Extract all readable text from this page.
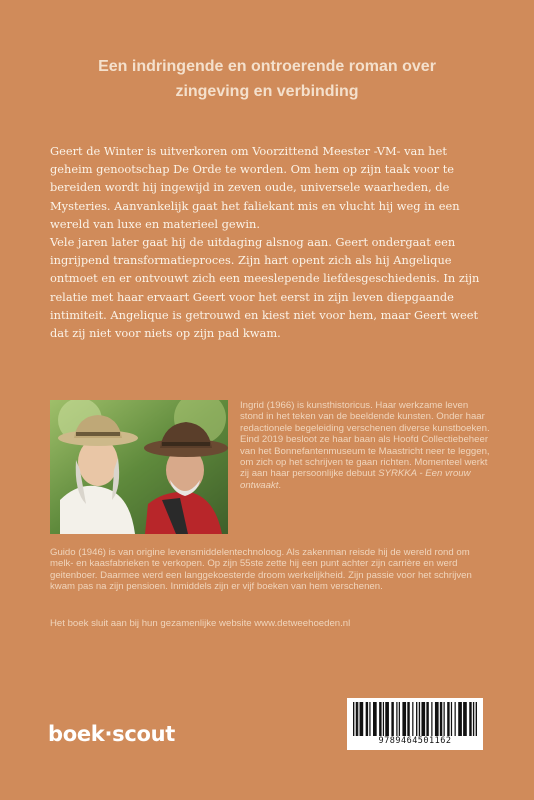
Een indringende en ontroerende roman over
zingeving en verbinding

Geert de Winter is uitverkoren om Voorzittend Meester -VM- van het geheim genootschap De Orde te worden. Om hem op zijn taak voor te bereiden wordt hij ingewijd in zeven oude, universele waarheden, de Mysteries. Aanvankelijk gaat het faliekant mis en vlucht hij weg in een wereld van luxe en materieel gewin.

Vele jaren later gaat hij de uitdaging alsnog aan. Geert ondergaat een ingrijpend transformatieproces. Zijn hart opent zich als hij Angelique ontmoet en er ontvouwt zich een meeslepende liefdesgeschiedenis. In zijn relatie met haar ervaart Geert voor het eerst in zijn leven diepgaande intimiteit. Angelique is getrouwd en kiest niet voor hem, maar Geert weet dat zij niet voor niets op zijn pad kwam.

Ingrid (1966) is kunsthistoricus. Haar werkzame leven stond in het teken van de beeldende kunsten. Onder haar redactionele begeleiding verschenen diverse kunstboeken. Eind 2019 besloot ze haar baan als Hoofd Collectiebeheer van het Bonnefantenmuseum te Maastricht neer te leggen, om zich op het schrijven te gaan richten. Momenteel werkt zij aan haar persoonlijke debuut SYRKKA - Een vrouw ontwaakt.

Guido (1946) is van origine levensmiddelentechnoloog. Als zakenman reisde hij de wereld rond om melk- en kaasfabrieken te verkopen. Op zijn 55ste zette hij een punt achter zijn carrière en werd geitenboer. Daarmee werd een langgekoesterde droom werkelijkheid. Zijn passie voor het schrijven kwam pas na zijn pensioen. Inmiddels zijn er vijf boeken van hem verschenen.

Het boek sluit aan bij hun gezamenlijke website www.detweehoeden.nl
boek·scout	9789464501162
